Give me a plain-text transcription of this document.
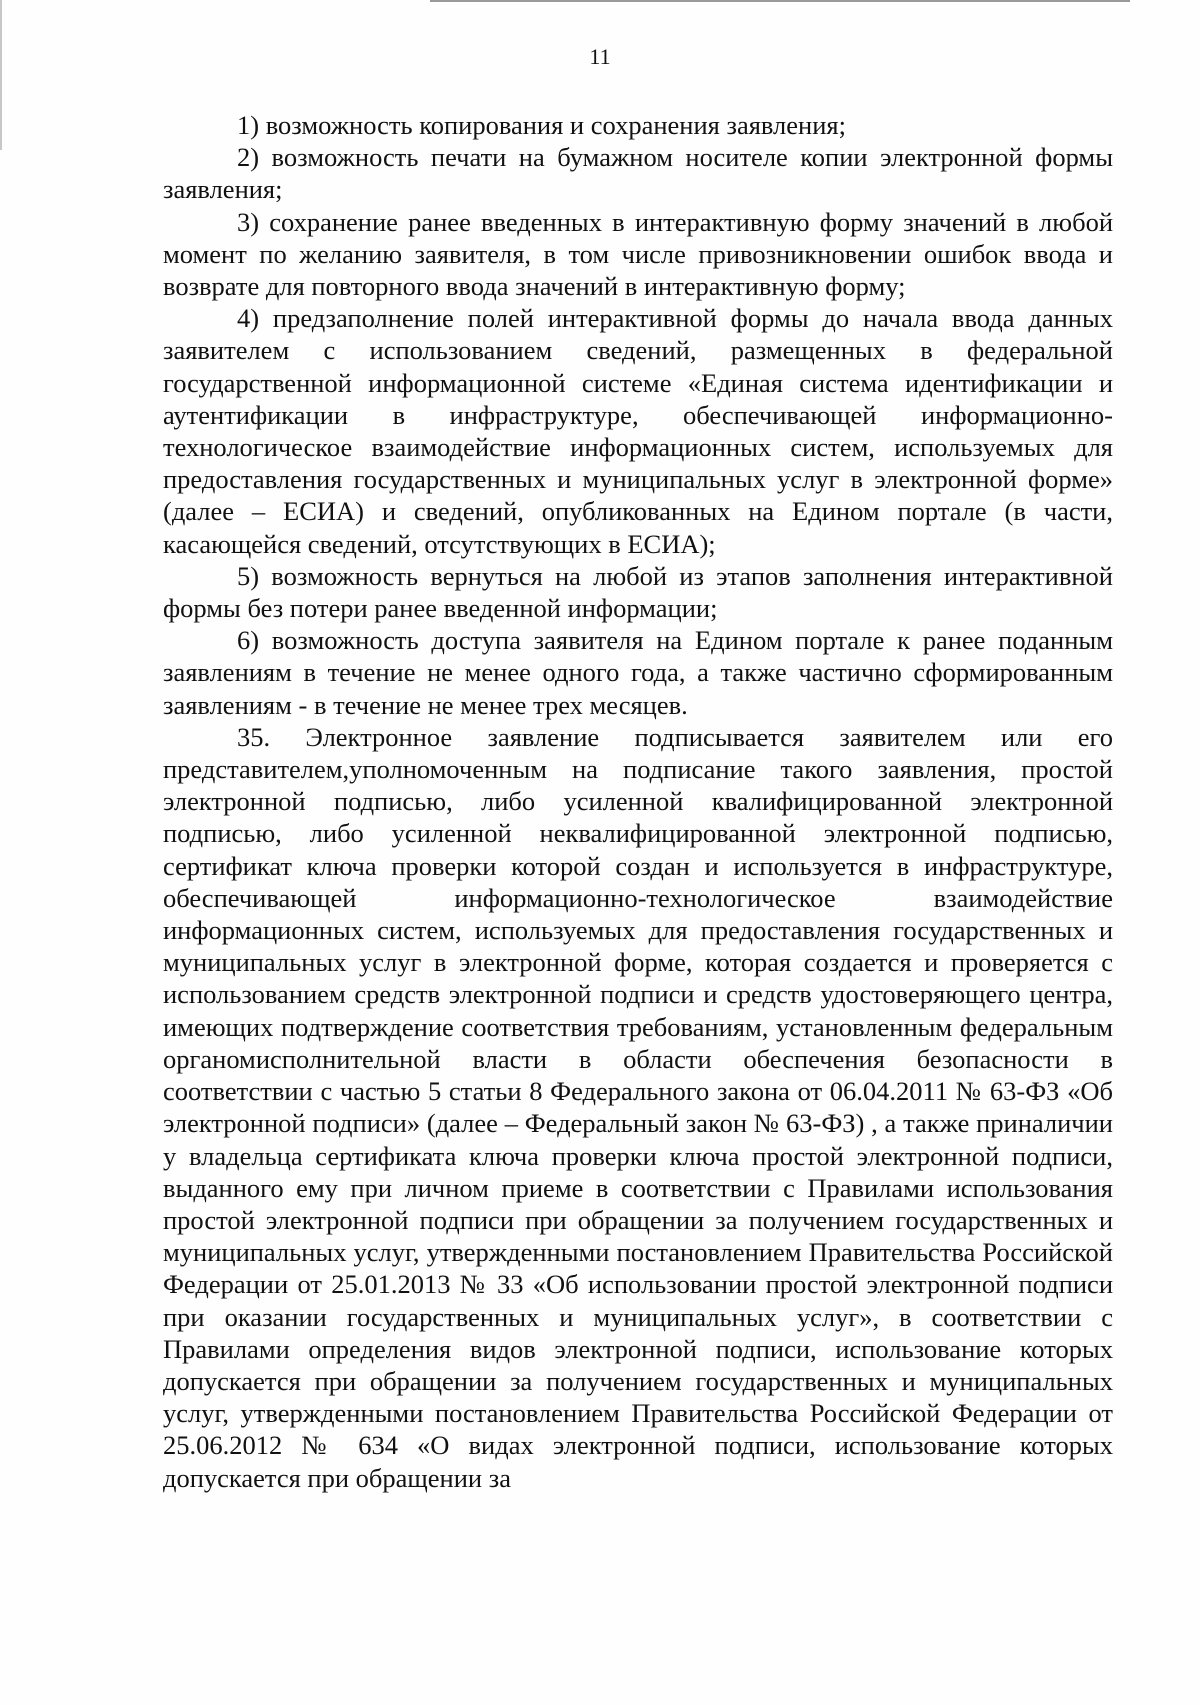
11

1) возможность копирования и сохранения заявления;

2) возможность печати на бумажном носителе копии электронной формы заявления;

3) сохранение ранее введенных в интерактивную форму значений в любой момент по желанию заявителя, в том числе привозникновении ошибок ввода и возврате для повторного ввода значений в интерактивную форму;

4) предзаполнение полей интерактивной формы до начала ввода данных заявителем с использованием сведений, размещенных в федеральной государственной информационной системе «Единая система идентификации и аутентификации в инфраструктуре, обеспечивающей информационно-технологическое взаимодействие информационных систем, используемых для предоставления государственных и муниципальных услуг в электронной форме» (далее – ЕСИА) и сведений, опубликованных на Едином портале (в части, касающейся сведений, отсутствующих в ЕСИА);

5) возможность вернуться на любой из этапов заполнения интерактивной формы без потери ранее введенной информации;

6) возможность доступа заявителя на Едином портале к ранее поданным заявлениям в течение не менее одного года, а также частично сформированным заявлениям - в течение не менее трех месяцев.

35. Электронное заявление подписывается заявителем или его представителем,уполномоченным на подписание такого заявления, простой электронной подписью, либо усиленной квалифицированной электронной подписью, либо усиленной неквалифицированной электронной подписью, сертификат ключа проверки которой создан и используется в инфраструктуре, обеспечивающей информационно-технологическое взаимодействие информационных систем, используемых для предоставления государственных и муниципальных услуг в электронной форме, которая создается и проверяется с использованием средств электронной подписи и средств удостоверяющего центра, имеющих подтверждение соответствия требованиям, установленным федеральным органомисполнительной власти в области обеспечения безопасности в соответствии с частью 5 статьи 8 Федерального закона от 06.04.2011 № 63-ФЗ «Об электронной подписи» (далее – Федеральный закон № 63-ФЗ) , а также приналичии у владельца сертификата ключа проверки ключа простой электронной подписи, выданного ему при личном приеме в соответствии с Правилами использования простой электронной подписи при обращении за получением государственных и муниципальных услуг, утвержденными постановлением Правительства Российской Федерации от 25.01.2013 № 33 «Об использовании простой электронной подписи при оказании государственных и муниципальных услуг», в соответствии с Правилами определения видов электронной подписи, использование которых допускается при обращении за получением государственных и муниципальных услуг, утвержденными постановлением Правительства Российской Федерации от 25.06.2012 № 634 «О видах электронной подписи, использование которых допускается при обращении за
